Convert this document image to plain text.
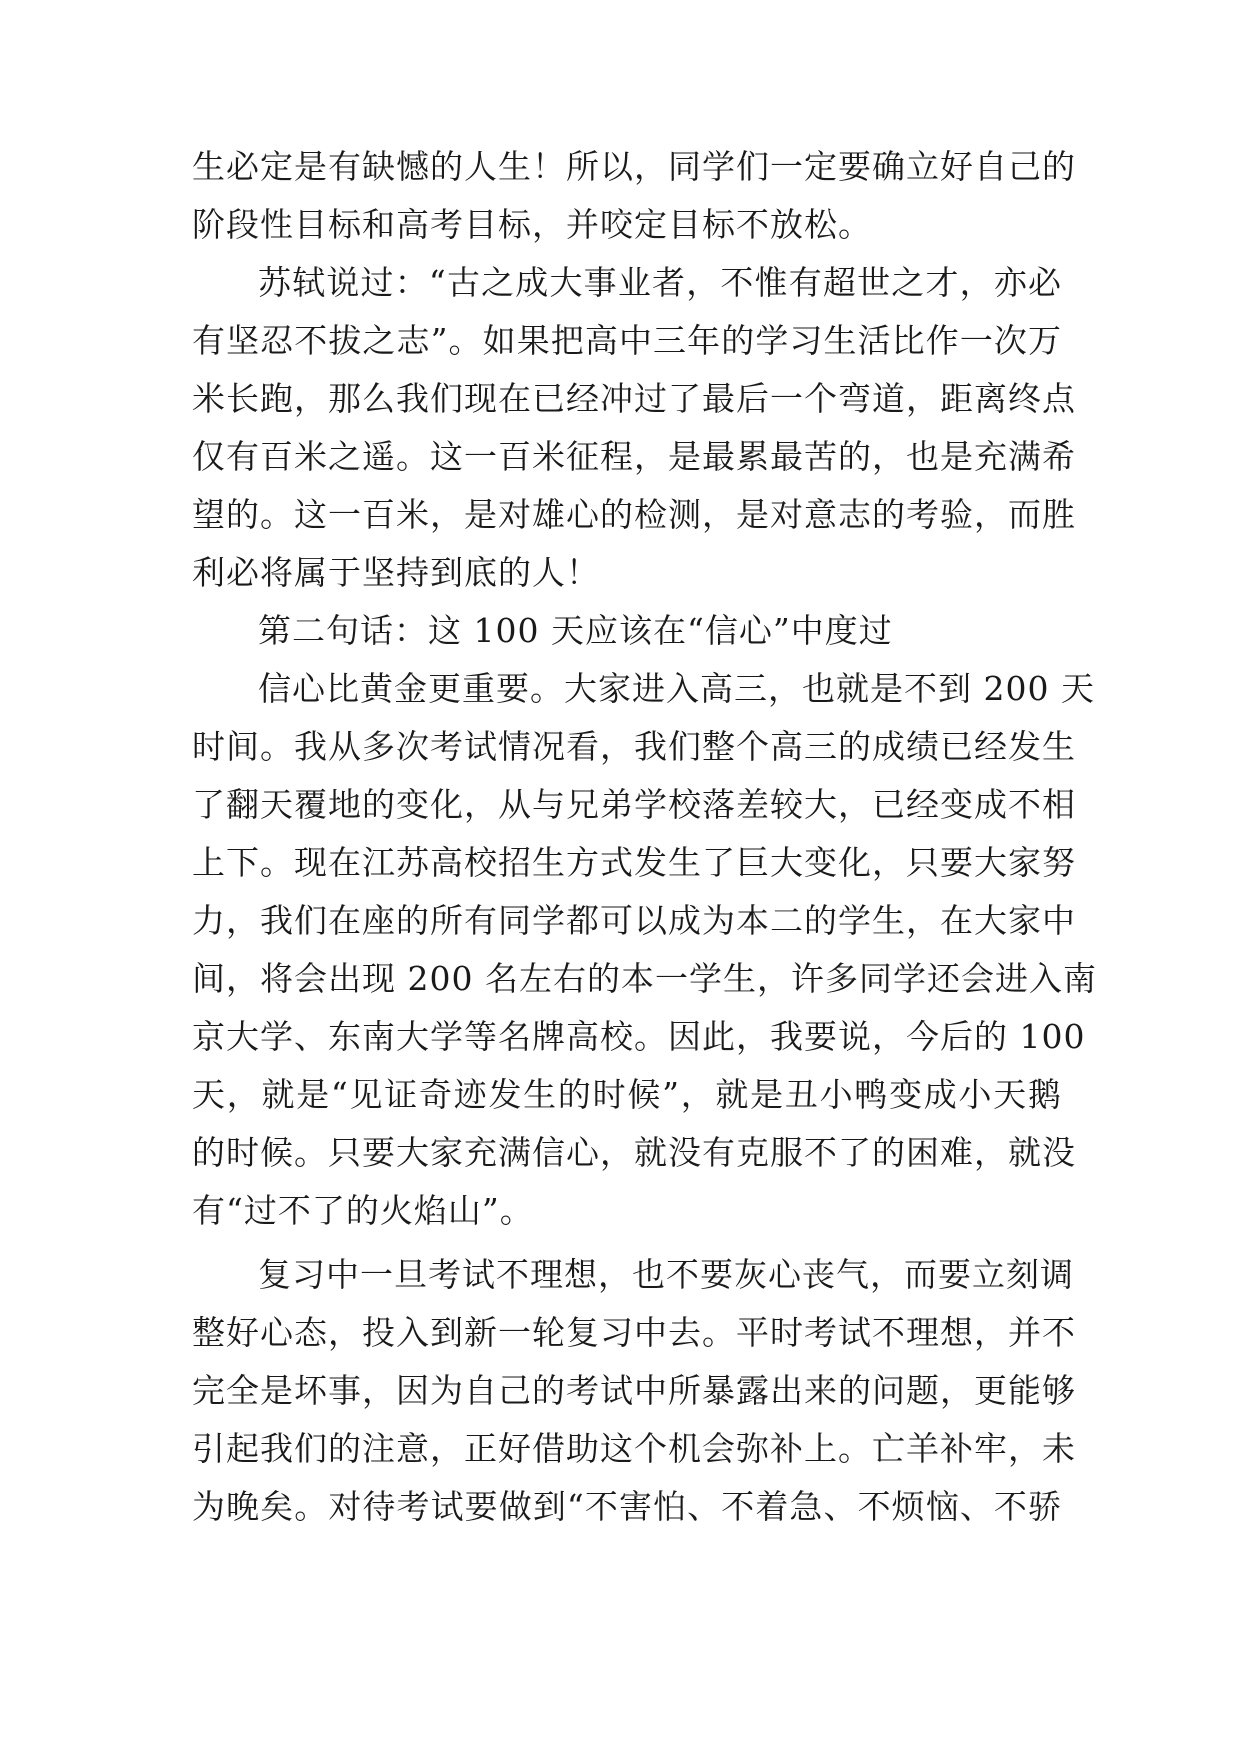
生必定是有缺憾的人生！所以，同学们一定要确立好自己的
阶段性目标和高考目标，并咬定目标不放松。
苏轼说过：“古之成大事业者，不惟有超世之才，亦必
有坚忍不拔之志”。如果把高中三年的学习生活比作一次万
米长跑，那么我们现在已经冲过了最后一个弯道，距离终点
仅有百米之遥。这一百米征程，是最累最苦的，也是充满希
望的。这一百米，是对雄心的检测，是对意志的考验，而胜
利必将属于坚持到底的人！
第二句话：这 100 天应该在“信心”中度过
信心比黄金更重要。大家进入高三，也就是不到 200 天
时间。我从多次考试情况看，我们整个高三的成绩已经发生
了翻天覆地的变化，从与兄弟学校落差较大，已经变成不相
上下。现在江苏高校招生方式发生了巨大变化，只要大家努
力，我们在座的所有同学都可以成为本二的学生，在大家中
间，将会出现 200 名左右的本一学生，许多同学还会进入南
京大学、东南大学等名牌高校。因此，我要说，今后的 100
天，就是“见证奇迹发生的时候”，就是丑小鸭变成小天鹅
的时候。只要大家充满信心，就没有克服不了的困难，就没
有“过不了的火焰山”。
复习中一旦考试不理想，也不要灰心丧气，而要立刻调
整好心态，投入到新一轮复习中去。平时考试不理想，并不
完全是坏事，因为自己的考试中所暴露出来的问题，更能够
引起我们的注意，正好借助这个机会弥补上。亡羊补牢，未
为晚矣。对待考试要做到“不害怕、不着急、不烦恼、不骄
